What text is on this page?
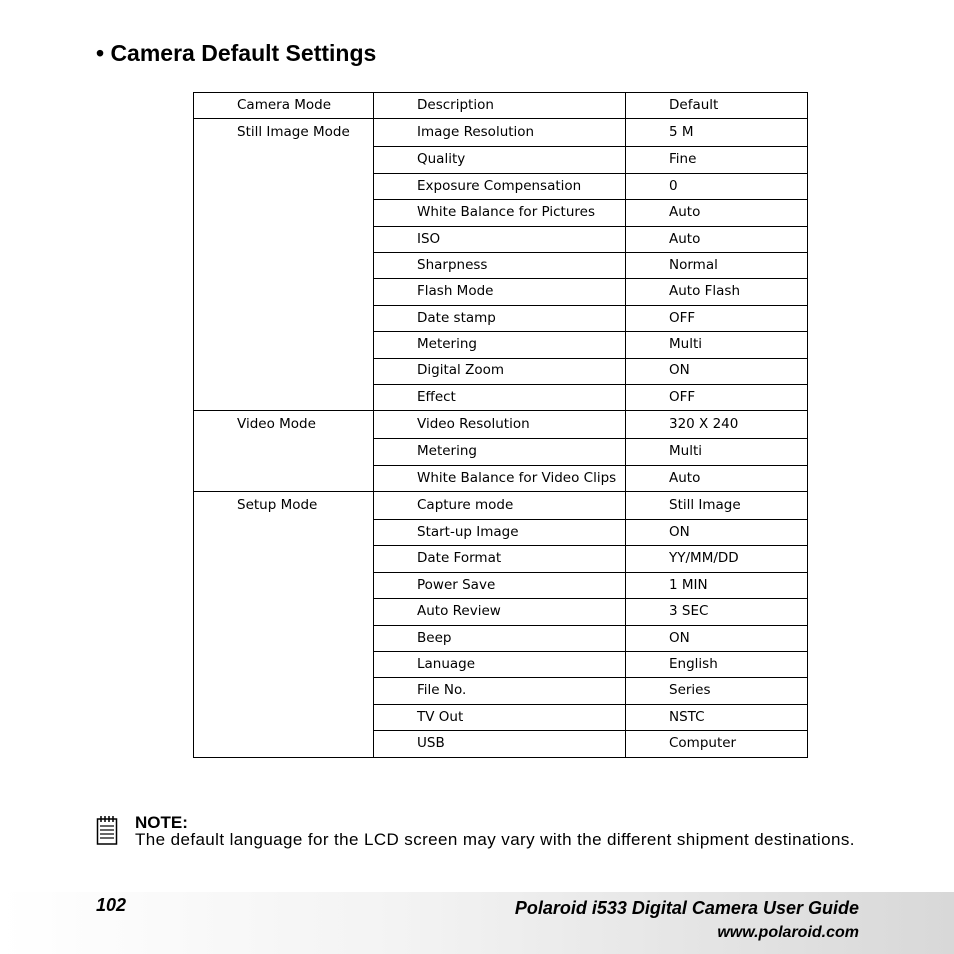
• Camera Default Settings
Camera Mode	Description	Default
Still Image Mode	Image Resolution	5 M
	Quality	Fine
	Exposure Compensation	0
	White Balance for Pictures	Auto
	ISO	Auto
	Sharpness	Normal
	Flash Mode	Auto Flash
	Date stamp	OFF
	Metering	Multi
	Digital Zoom	ON
	Effect	OFF
Video Mode	Video Resolution	320 X 240
	Metering	Multi
	White Balance for Video Clips	Auto
Setup Mode	Capture mode	Still Image
	Start-up Image	ON
	Date Format	YY/MM/DD
	Power Save	1 MIN
	Auto Review	3 SEC
	Beep	ON
	Lanuage	English
	File No.	Series
	TV Out	NSTC
	USB	Computer
NOTE:
The default language for the LCD screen may vary with the different shipment destinations.
102	Polaroid i533 Digital Camera User Guide
www.polaroid.com
